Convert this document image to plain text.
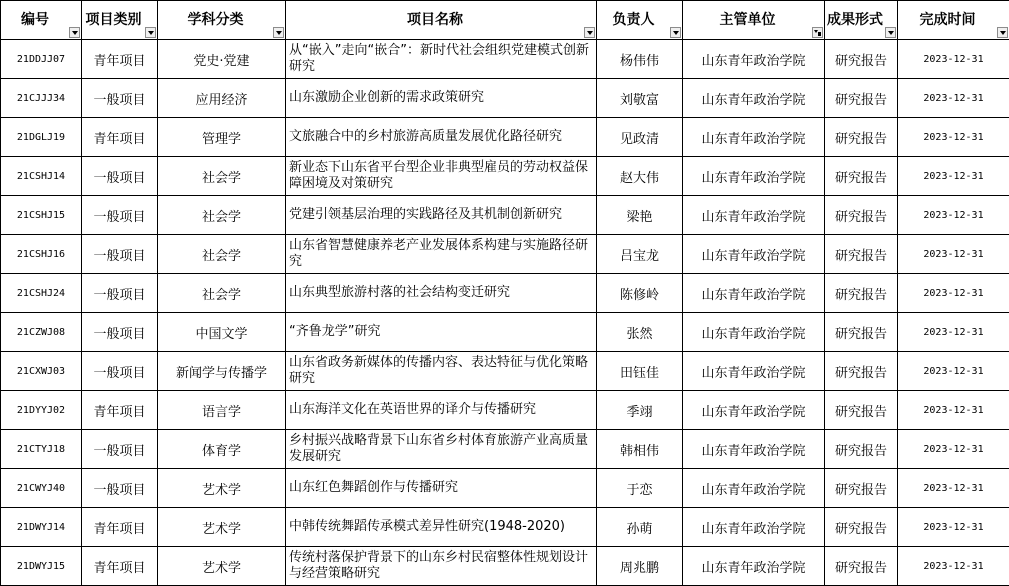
编号	项目类别	学科分类	项目名称	负责人	主管单位	成果形式	完成时间

21DDJJ07	青年项目	党史·党建	从“嵌入”走向“嵌合”：新时代社会组织党建模式创新研究	杨伟伟	山东青年政治学院	研究报告	2023-12-31
21CJJJ34	一般项目	应用经济	山东激励企业创新的需求政策研究	刘敬富	山东青年政治学院	研究报告	2023-12-31
21DGLJ19	青年项目	管理学	文旅融合中的乡村旅游高质量发展优化路径研究	见政清	山东青年政治学院	研究报告	2023-12-31
21CSHJ14	一般项目	社会学	新业态下山东省平台型企业非典型雇员的劳动权益保障困境及对策研究	赵大伟	山东青年政治学院	研究报告	2023-12-31
21CSHJ15	一般项目	社会学	党建引领基层治理的实践路径及其机制创新研究	梁艳	山东青年政治学院	研究报告	2023-12-31
21CSHJ16	一般项目	社会学	山东省智慧健康养老产业发展体系构建与实施路径研究	吕宝龙	山东青年政治学院	研究报告	2023-12-31
21CSHJ24	一般项目	社会学	山东典型旅游村落的社会结构变迁研究	陈修岭	山东青年政治学院	研究报告	2023-12-31
21CZWJ08	一般项目	中国文学	“齐鲁龙学”研究	张然	山东青年政治学院	研究报告	2023-12-31
21CXWJ03	一般项目	新闻学与传播学	山东省政务新媒体的传播内容、表达特征与优化策略研究	田钰佳	山东青年政治学院	研究报告	2023-12-31
21DYYJ02	青年项目	语言学	山东海洋文化在英语世界的译介与传播研究	季翊	山东青年政治学院	研究报告	2023-12-31
21CTYJ18	一般项目	体育学	乡村振兴战略背景下山东省乡村体育旅游产业高质量发展研究	韩相伟	山东青年政治学院	研究报告	2023-12-31
21CWYJ40	一般项目	艺术学	山东红色舞蹈创作与传播研究	于恋	山东青年政治学院	研究报告	2023-12-31
21DWYJ14	青年项目	艺术学	中韩传统舞蹈传承模式差异性研究(1948-2020)	孙萌	山东青年政治学院	研究报告	2023-12-31
21DWYJ15	青年项目	艺术学	传统村落保护背景下的山东乡村民宿整体性规划设计与经营策略研究	周兆鹏	山东青年政治学院	研究报告	2023-12-31
